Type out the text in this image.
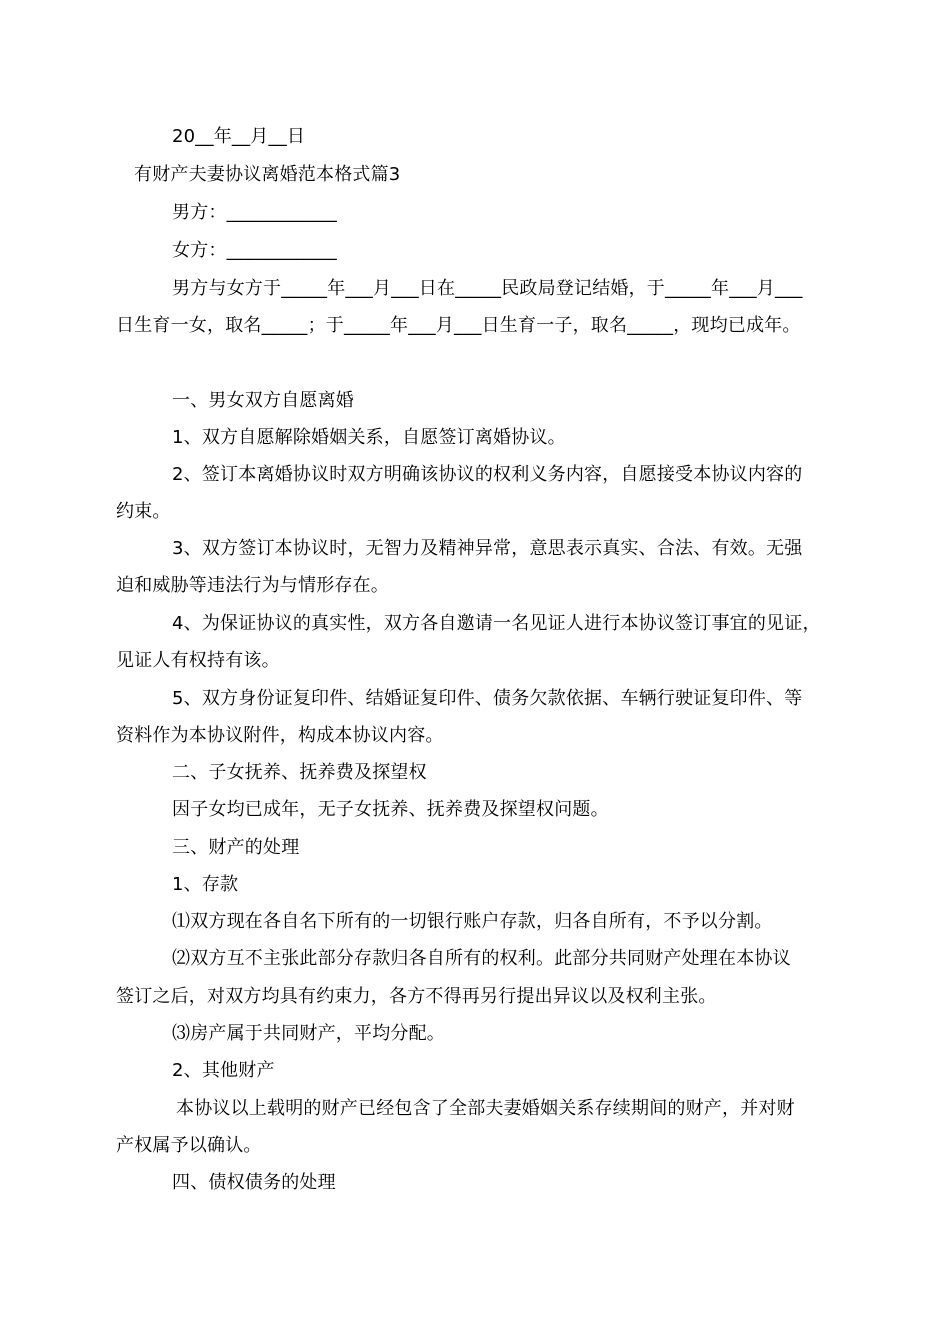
20__年__月__日
有财产夫妻协议离婚范本格式篇3
男方：____________
女方：____________
男方与女方于_____年___月___日在_____民政局登记结婚，于_____年___月___
日生育一女，取名_____；于_____年___月___日生育一子，取名_____，现均已成年。
一、男女双方自愿离婚
1、双方自愿解除婚姻关系，自愿签订离婚协议。
2、签订本离婚协议时双方明确该协议的权利义务内容，自愿接受本协议内容的
约束。
3、双方签订本协议时，无智力及精神异常，意思表示真实、合法、有效。无强
迫和威胁等违法行为与情形存在。
4、为保证协议的真实性，双方各自邀请一名见证人进行本协议签订事宜的见证，
见证人有权持有该。
5、双方身份证复印件、结婚证复印件、债务欠款依据、车辆行驶证复印件、等
资料作为本协议附件，构成本协议内容。
二、子女抚养、抚养费及探望权
因子女均已成年，无子女抚养、抚养费及探望权问题。
三、财产的处理
1、存款
⑴双方现在各自名下所有的一切银行账户存款，归各自所有，不予以分割。
⑵双方互不主张此部分存款归各自所有的权利。此部分共同财产处理在本协议
签订之后，对双方均具有约束力，各方不得再另行提出异议以及权利主张。
⑶房产属于共同财产，平均分配。
2、其他财产
本协议以上载明的财产已经包含了全部夫妻婚姻关系存续期间的财产，并对财
产权属予以确认。
四、债权债务的处理
